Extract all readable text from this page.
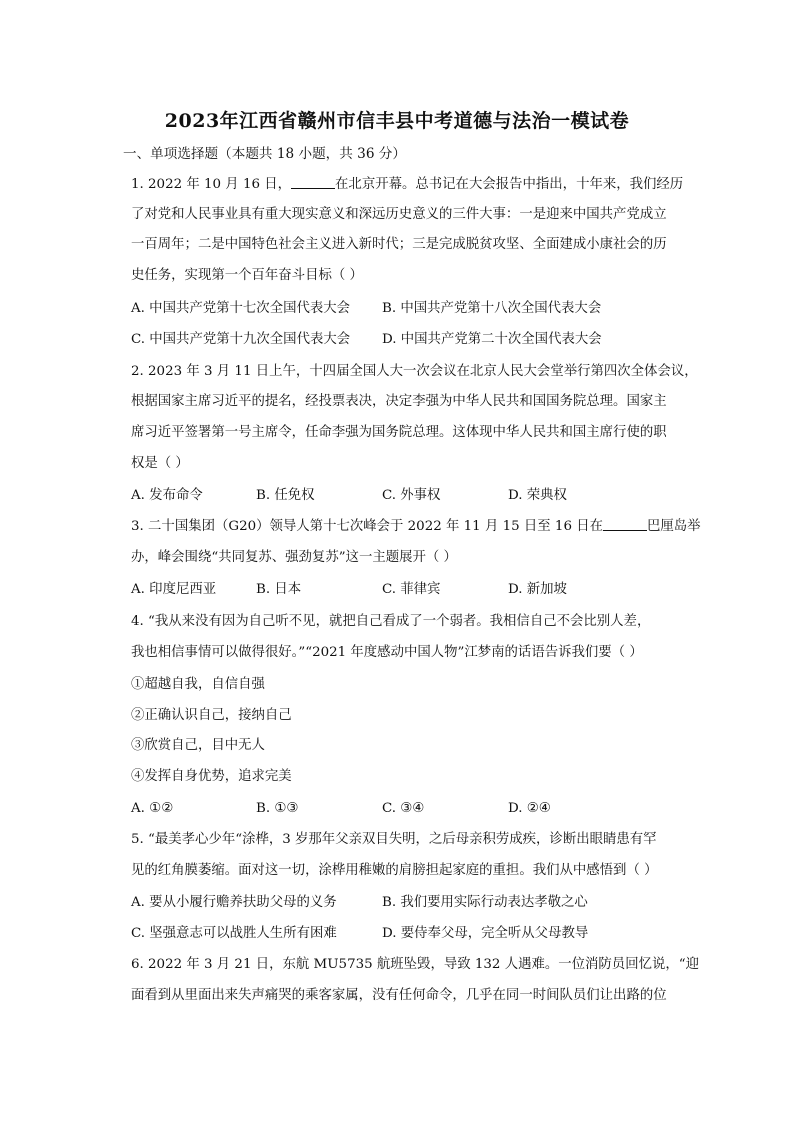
2023年江西省赣州市信丰县中考道德与法治一模试卷
一、单项选择题（本题共 18 小题，共 36 分）
1. 2022 年 10 月 16 日，	在北京开幕。总书记在大会报告中指出，十年来，我们经历
了对党和人民事业具有重大现实意义和深远历史意义的三件大事：一是迎来中国共产党成立
一百周年；二是中国特色社会主义进入新时代；三是完成脱贫攻坚、全面建成小康社会的历
史任务，实现第一个百年奋斗目标（ ）
A. 中国共产党第十七次全国代表大会 B. 中国共产党第十八次全国代表大会
C. 中国共产党第十九次全国代表大会 D. 中国共产党第二十次全国代表大会
2. 2023 年 3 月 11 日上午，十四届全国人大一次会议在北京人民大会堂举行第四次全体会议，
根据国家主席习近平的提名，经投票表决，决定李强为中华人民共和国国务院总理。国家主
席习近平签署第一号主席令，任命李强为国务院总理。这体现中华人民共和国主席行使的职
权是（ ）
A. 发布命令	B. 任免权	C. 外事权	D. 荣典权
3. 二十国集团（G20）领导人第十七次峰会于 2022 年 11 月 15 日至 16 日在	巴厘岛举
办，峰会围绕“共同复苏、强劲复苏”这一主题展开（ ）
A. 印度尼西亚	B. 日本	C. 菲律宾	D. 新加坡
4. “我从来没有因为自己听不见，就把自己看成了一个弱者。我相信自己不会比别人差，
我也相信事情可以做得很好。”“2021 年度感动中国人物”江梦南的话语告诉我们要（ ）
①超越自我，自信自强
②正确认识自己，接纳自己
③欣赏自己，目中无人
④发挥自身优势，追求完美
A. ①②	B. ①③	C. ③④	D. ②④
5. “最美孝心少年“涂桦，3 岁那年父亲双目失明，之后母亲积劳成疾，诊断出眼睛患有罕
见的红角膜萎缩。面对这一切，涂桦用稚嫩的肩膀担起家庭的重担。我们从中感悟到（ ）
A. 要从小履行赡养扶助父母的义务	B. 我们要用实际行动表达孝敬之心
C. 坚强意志可以战胜人生所有困难	D. 要侍奉父母，完全听从父母教导
6. 2022 年 3 月 21 日，东航 MU5735 航班坠毁，导致 132 人遇难。一位消防员回忆说，“迎
面看到从里面出来失声痛哭的乘客家属，没有任何命令，几乎在同一时间队员们让出路的位
